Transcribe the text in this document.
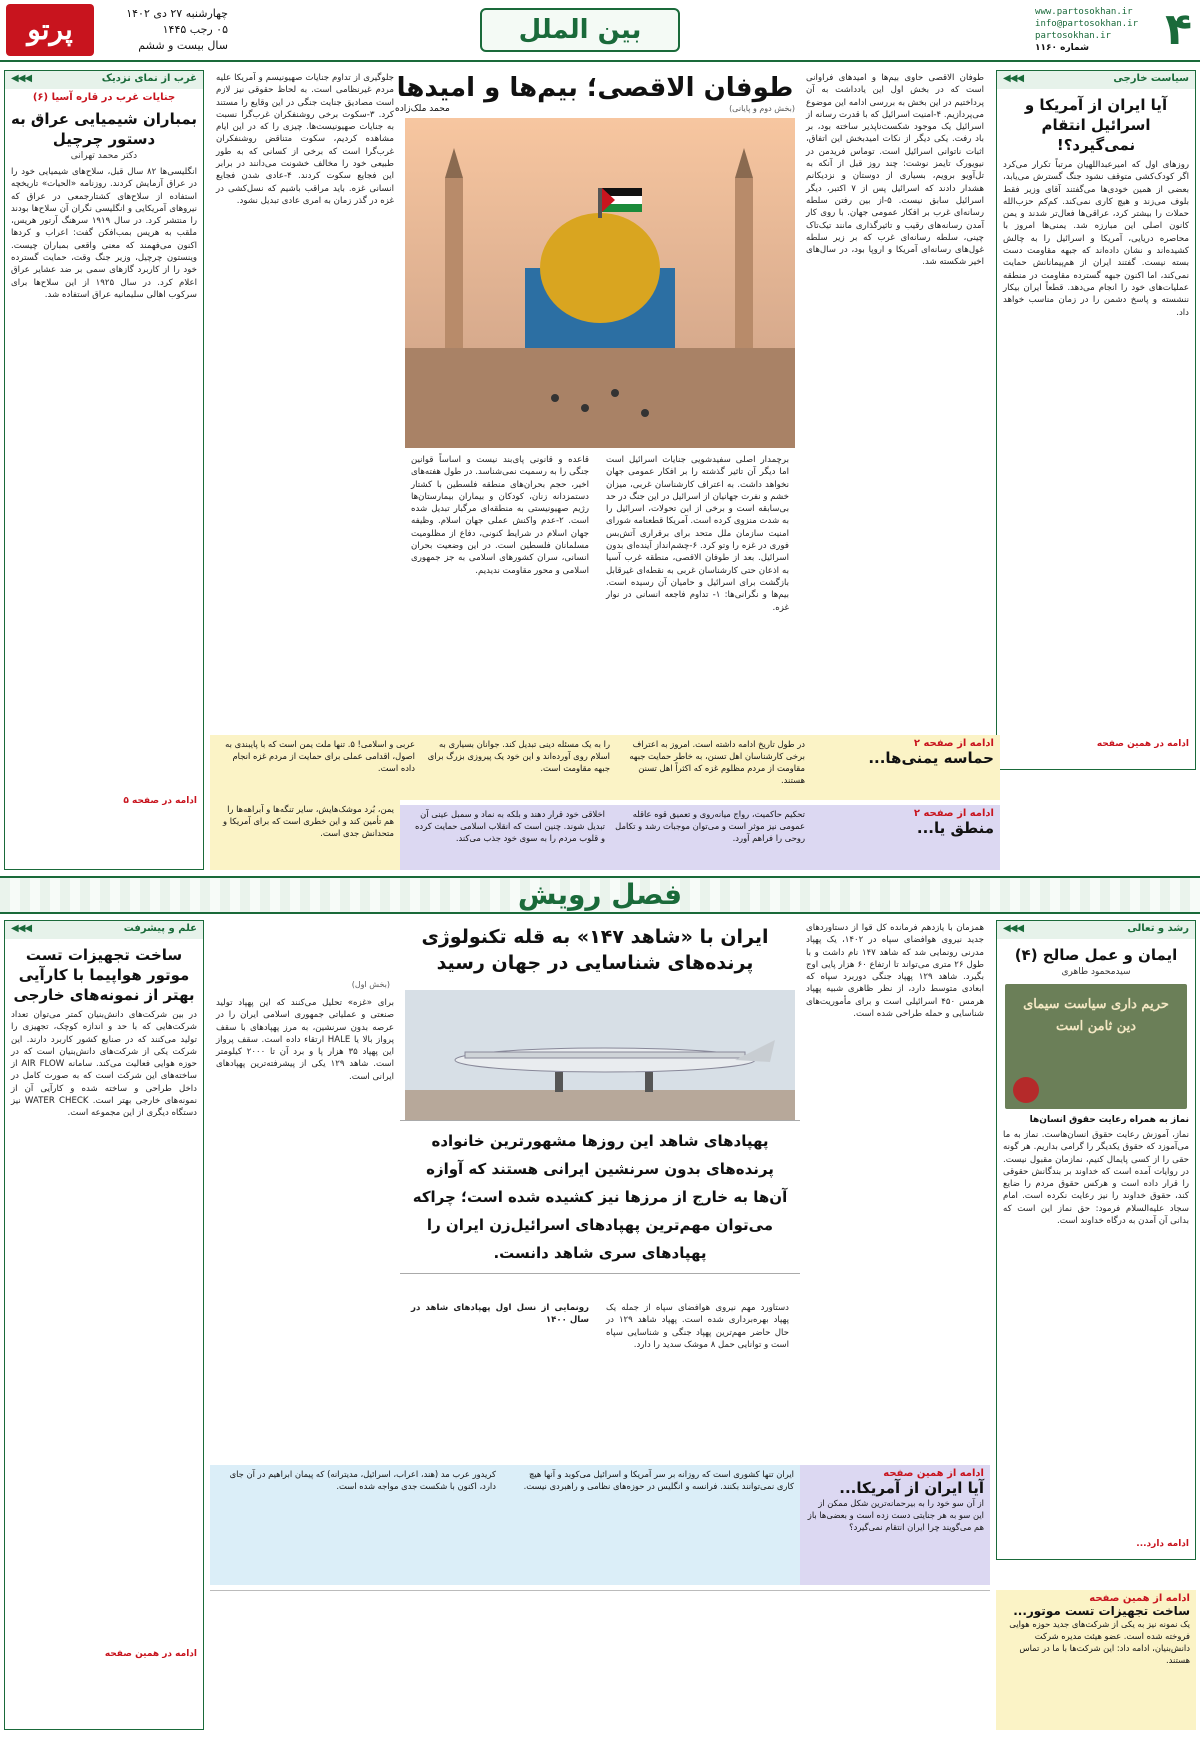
۴
www.partosokhan.ir
info@partosokhan.ir
partosokhan.ir
شماره ۱۱۶۰
بین الملل
چهارشنبه ۲۷ دی ۱۴۰۲
۰۵ رجب ۱۴۴۵
سال بیست و ششم
پرتو
سیاست خارجی
◀◀◀
آیا ایران از آمریکا و اسرائیل انتقام نمی‌گیرد؟!
روزهای اول که امیرعبداللهیان مرتباً تکرار می‌کرد اگر کودک‌کشی متوقف نشود جنگ گسترش می‌یابد، بعضی از همین خودی‌ها می‌گفتند آقای وزیر فقط بلوف می‌زند و هیچ کاری نمی‌کند. کم‌کم حزب‌الله حملات را بیشتر کرد، عراقی‌ها فعال‌تر شدند و یمن کانون اصلی این مبارزه شد. یمنی‌ها امروز با محاصره دریایی، آمریکا و اسرائیل را به چالش کشیده‌اند و نشان داده‌اند که جبهه مقاومت دست بسته نیست. گفتند ایران از هم‌پیمانانش حمایت نمی‌کند، اما اکنون جبهه گسترده مقاومت در منطقه عملیات‌های خود را انجام می‌دهد. قطعاً ایران بیکار ننشسته و پاسخ دشمن را در زمان مناسب خواهد داد.
ادامه در همین صفحه
طوفان الاقصی حاوی بیم‌ها و امیدهای فراوانی است که در بخش اول این یادداشت به آن پرداختیم در این بخش به بررسی ادامه این موضوع می‌پردازیم. ۴-امنیت اسرائیل که با قدرت رسانه از اسرائیل یک موجود شکست‌ناپذیر ساخته بود، بر باد رفت. یکی دیگر از نکات امیدبخش این اتفاق، اثبات ناتوانی اسرائیل است. توماس فریدمن در نیویورک تایمز نوشت: چند روز قبل از آنکه به تل‌آویو برویم، بسیاری از دوستان و نزدیکانم هشدار دادند که اسرائیل پس از ۷ اکتبر، دیگر اسرائیل سابق نیست. ۵-از بین رفتن سلطه رسانه‌ای غرب بر افکار عمومی جهان. با روی کار آمدن رسانه‌های رقیب و تاثیرگذاری مانند تیک‌تاک چینی، سلطه رسانه‌ای غرب که بر زیر سلطه غول‌های رسانه‌ای آمریکا و اروپا بود، در سال‌های اخیر شکسته شد.
طوفان الاقصی؛ بیم‌ها و امیدها
(بخش دوم و پایانی)
محمد ملک‌زاده
برچمدار اصلی سفیدشویی جنایات اسرائیل است اما دیگر آن تاثیر گذشته را بر افکار عمومی جهان نخواهد داشت. به اعتراف کارشناسان غربی، میزان خشم و نفرت جهانیان از اسرائیل در این جنگ در حد بی‌سابقه است و برخی از این تحولات، اسرائیل را به شدت منزوی کرده است. آمریکا قطعنامه شورای امنیت سازمان ملل متحد برای برقراری آتش‌بس فوری در غزه را وتو کرد. ۶-چشم‌انداز آینده‌ای بدون اسرائیل. بعد از طوفان الاقصی، منطقه غرب آسیا به اذعان حتی کارشناسان غربی به نقطه‌ای غیرقابل بازگشت برای اسرائیل و حامیان آن رسیده است. بیم‌ها و نگرانی‌ها: ۱- تداوم فاجعه انسانی در نوار غزه.
قاعده و قانونی پای‌بند نیست و اساساً قوانین جنگی را به رسمیت نمی‌شناسد. در طول هفته‌های اخیر، حجم بحران‌های منطقه فلسطین با کشتار دستمزدانه زنان، کودکان و بیماران بیمارستان‌ها رژیم صهیونیستی به منطقه‌ای مرگبار تبدیل شده است. ۲-عدم واکنش عملی جهان اسلام. وظیفه جهان اسلام در شرایط کنونی، دفاع از مظلومیت مسلمانان فلسطین است. در این وضعیت بحران انسانی، سران کشورهای اسلامی به جز جمهوری اسلامی و محور مقاومت ندیدیم.
جلوگیری از تداوم جنایات صهیونیسم و آمریکا علیه مردم غیرنظامی است. به لحاظ حقوقی نیز لازم است مصادیق جنایت جنگی در این وقایع را مستند کرد. ۳-سکوت برخی روشنفکران غرب‌گرا نسبت به جنایات صهیونیست‌ها. چیزی را که در این ایام مشاهده کردیم، سکوت متناقض روشنفکران غرب‌گرا است که برخی از کسانی که به طور طبیعی خود را مخالف خشونت می‌دانند در برابر این فجایع سکوت کردند. ۴-عادی شدن فجایع انسانی غزه. باید مراقب باشیم که نسل‌کشی در غزه در گذر زمان به امری عادی تبدیل نشود.
غرب از نمای نزدیک
◀◀◀
جنایات غرب در قاره آسیا (۶)
بمباران شیمیایی عراق به دستور چرچیل
دکتر محمد تهرانی
انگلیسی‌ها ۸۲ سال قبل، سلاح‌های شیمیایی خود را در عراق آزمایش کردند. روزنامه «الحیات» تاریخچه استفاده از سلاح‌های کشتارجمعی در عراق که نیروهای آمریکایی و انگلیسی نگران آن سلاح‌ها بودند را منتشر کرد. در سال ۱۹۱۹ سرهنگ آرتور هریس، ملقب به هریس بمب‌افکن گفت: اعراب و کردها اکنون می‌فهمند که معنی واقعی بمباران چیست. وینستون چرچیل، وزیر جنگ وقت، حمایت گسترده خود را از کاربرد گازهای سمی بر ضد عشایر عراق اعلام کرد. در سال ۱۹۲۵ از این سلاح‌ها برای سرکوب اهالی سلیمانیه عراق استفاده شد.
ادامه در صفحه ۵
ادامه از صفحه ۲
حماسه یمنی‌ها...
در طول تاریخ ادامه داشته است. امروز به اعتراف برخی کارشناسان اهل تسنن، به خاطر حمایت جبهه مقاومت از مردم مظلوم غزه که اکثراً اهل تسنن هستند.
را به یک مسئله دینی تبدیل کند. جوانان بسیاری به اسلام روی آورده‌اند و این خود یک پیروزی بزرگ برای جبهه مقاومت است.
عربی و اسلامی! ۵. تنها ملت یمن است که با پایبندی به اصول، اقدامی عملی برای حمایت از مردم غزه انجام داده است.
یمن، بُرد موشک‌هایش، سایر تنگه‌ها و آبراهه‌ها را هم تأمین کند و این خطری است که برای آمریکا و متحدانش جدی است.
ادامه از صفحه ۲
منطق یا...
تحکیم حاکمیت، رواج میانه‌روی و تعمیق قوه عاقله عمومی نیز موثر است و می‌توان موجبات رشد و تکامل روحی را فراهم آورد.
اخلاقی خود قرار دهند و بلکه به نماد و سمبل عینی آن تبدیل شوند. چنین است که انقلاب اسلامی حمایت کرده و قلوب مردم را به سوی خود جذب می‌کند.
فصل رویش
رشد و تعالی
◀◀◀
ایمان و عمل صالح (۴)
سیدمحمود طاهری
حریم داری سیاست سیمای دین ثامن است
نماز به همراه رعایت حقوق انسان‌ها
نماز، آموزش رعایت حقوق انسان‌هاست. نماز به ما می‌آموزد که حقوق یکدیگر را گرامی بداریم. هر گونه حقی را از کسی پایمال کنیم، نمازمان مقبول نیست. در روایات آمده است که خداوند بر بندگانش حقوقی را قرار داده است و هرکس حقوق مردم را ضایع کند، حقوق خداوند را نیز رعایت نکرده است. امام سجاد علیه‌السلام فرمود: حق نماز این است که بدانی آن آمدن به درگاه خداوند است.
ادامه دارد...
ایران با «شاهد ۱۴۷» به قله تکنولوژی پرنده‌های شناسایی در جهان رسید
(بخش اول)
پهپادهای شاهد این روزها مشهورترین خانواده پرنده‌های بدون سرنشین ایرانی هستند که آوازه آن‌ها به خارج از مرزها نیز کشیده شده است؛ چراکه می‌توان مهم‌ترین پهپادهای اسرائیل‌زن ایران را پهپادهای سری شاهد دانست.
همزمان با یازدهم فرمانده کل قوا از دستاوردهای جدید نیروی هوافضای سپاه در ۱۴۰۲، یک پهپاد مدرنی رونمایی شد که شاهد ۱۴۷ نام داشت و با طول ۲۶ متری می‌تواند تا ارتفاع ۶۰ هزار پایی اوج بگیرد. شاهد ۱۲۹ پهپاد جنگی دوربرد سپاه که ابعادی متوسط دارد، از نظر ظاهری شبیه پهپاد هرمس ۴۵۰ اسرائیلی است و برای مأموریت‌های شناسایی و حمله طراحی شده است.
برای «غزه» تحلیل می‌کنند که این پهپاد تولید صنعتی و عملیاتی جمهوری اسلامی ایران را در عرصه بدون سرنشین، به مرز پهپادهای با سقف پرواز بالا یا HALE ارتقاء داده است. سقف پرواز این پهپاد ۳۵ هزار پا و برد آن تا ۲۰۰۰ کیلومتر است. شاهد ۱۲۹ یکی از پیشرفته‌ترین پهپادهای ایرانی است.
دستاورد مهم نیروی هوافضای سپاه از جمله یک پهپاد بهره‌برداری شده است. پهپاد شاهد ۱۲۹ در حال حاضر مهم‌ترین پهپاد جنگی و شناسایی سپاه است و توانایی حمل ۸ موشک سدید را دارد.
رونمایی از نسل اول پهپادهای شاهد در سال ۱۴۰۰
علم و پیشرفت
◀◀◀
ساخت تجهیزات تست موتور هواپیما با کارآیی بهتر از نمونه‌های خارجی
در بین شرکت‌های دانش‌بنیان کمتر می‌توان تعداد شرکت‌هایی که با حد و اندازه کوچک، تجهیزی را تولید می‌کنند که در صنایع کشور کاربرد دارند. این شرکت یکی از شرکت‌های دانش‌بنیان است که در حوزه هوایی فعالیت می‌کند. سامانه AIR FLOW از ساخته‌های این شرکت است که به صورت کامل در داخل طراحی و ساخته شده و کارآیی آن از نمونه‌های خارجی بهتر است. WATER CHECK نیز دستگاه دیگری از این مجموعه است.
ادامه در همین صفحه
ادامه از همین صفحه
آیا ایران از آمریکا...
از آن سو خود را به بیرحمانه‌ترین شکل ممکن از این سو به هر جنایتی دست زده است و بعضی‌ها باز هم می‌گویند چرا ایران انتقام نمی‌گیرد؟
ایران تنها کشوری است که روزانه بر سر آمریکا و اسرائیل می‌کوبد و آنها هیچ کاری نمی‌توانند بکنند. فرانسه و انگلیس در حوزه‌های نظامی و راهبردی نیست.
کریدور عرب مد (هند، اعراب، اسرائیل، مدیترانه) که پیمان ابراهیم در آن جای دارد، اکنون با شکست جدی مواجه شده است.
ادامه از همین صفحه
ساخت تجهیزات تست موتور...
یک نمونه نیز به یکی از شرکت‌های جدید حوزه هوایی فروخته شده است. عضو هیئت مدیره شرکت دانش‌بنیان، ادامه داد: این شرکت‌ها با ما در تماس هستند.
